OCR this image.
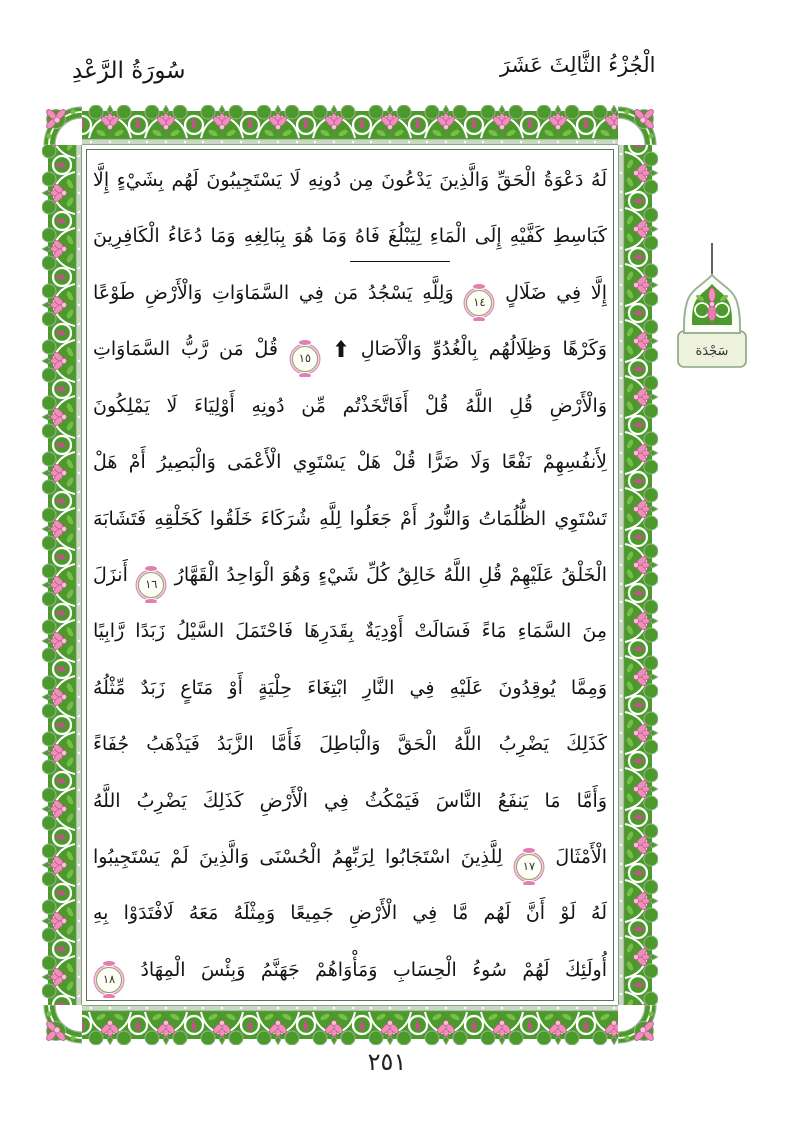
الْجُزْءُ الثَّالِثَ عَشَرَ
سُورَةُ الرَّعْدِ
لَهُ دَعْوَةُ الْحَقِّ وَالَّذِينَ يَدْعُونَ مِن دُونِهِ لَا يَسْتَجِيبُونَ لَهُم بِشَيْءٍ إِلَّا
كَبَاسِطِ كَفَّيْهِ إِلَى الْمَاءِ لِيَبْلُغَ فَاهُ وَمَا هُوَ بِبَالِغِهِ وَمَا دُعَاءُ الْكَافِرِينَ
إِلَّا فِي ضَلَالٍ ١٤ وَلِلَّهِ يَسْجُدُ مَن فِي السَّمَاوَاتِ وَالْأَرْضِ طَوْعًا
وَكَرْهًا وَظِلَالُهُم بِالْغُدُوِّ وَالْآصَالِ  ١٥ قُلْ مَن رَّبُّ السَّمَاوَاتِ
وَالْأَرْضِ قُلِ اللَّهُ قُلْ أَفَاتَّخَذْتُم مِّن دُونِهِ أَوْلِيَاءَ لَا يَمْلِكُونَ
لِأَنفُسِهِمْ نَفْعًا وَلَا ضَرًّا قُلْ هَلْ يَسْتَوِي الْأَعْمَى وَالْبَصِيرُ أَمْ هَلْ
تَسْتَوِي الظُّلُمَاتُ وَالنُّورُ أَمْ جَعَلُوا لِلَّهِ شُرَكَاءَ خَلَقُوا كَخَلْقِهِ فَتَشَابَهَ
الْخَلْقُ عَلَيْهِمْ قُلِ اللَّهُ خَالِقُ كُلِّ شَيْءٍ وَهُوَ الْوَاحِدُ الْقَهَّارُ ١٦ أَنزَلَ
مِنَ السَّمَاءِ مَاءً فَسَالَتْ أَوْدِيَةٌ بِقَدَرِهَا فَاحْتَمَلَ السَّيْلُ زَبَدًا رَّابِيًا
وَمِمَّا يُوقِدُونَ عَلَيْهِ فِي النَّارِ ابْتِغَاءَ حِلْيَةٍ أَوْ مَتَاعٍ زَبَدٌ مِّثْلُهُ
كَذَلِكَ يَضْرِبُ اللَّهُ الْحَقَّ وَالْبَاطِلَ فَأَمَّا الزَّبَدُ فَيَذْهَبُ جُفَاءً
وَأَمَّا مَا يَنفَعُ النَّاسَ فَيَمْكُثُ فِي الْأَرْضِ كَذَلِكَ يَضْرِبُ اللَّهُ
الْأَمْثَالَ ١٧ لِلَّذِينَ اسْتَجَابُوا لِرَبِّهِمُ الْحُسْنَى وَالَّذِينَ لَمْ يَسْتَجِيبُوا
لَهُ لَوْ أَنَّ لَهُم مَّا فِي الْأَرْضِ جَمِيعًا وَمِثْلَهُ مَعَهُ لَافْتَدَوْا بِهِ
أُولَئِكَ لَهُمْ سُوءُ الْحِسَابِ وَمَأْوَاهُمْ جَهَنَّمُ وَبِئْسَ الْمِهَادُ ١٨
سَجْدَة
٢٥١
